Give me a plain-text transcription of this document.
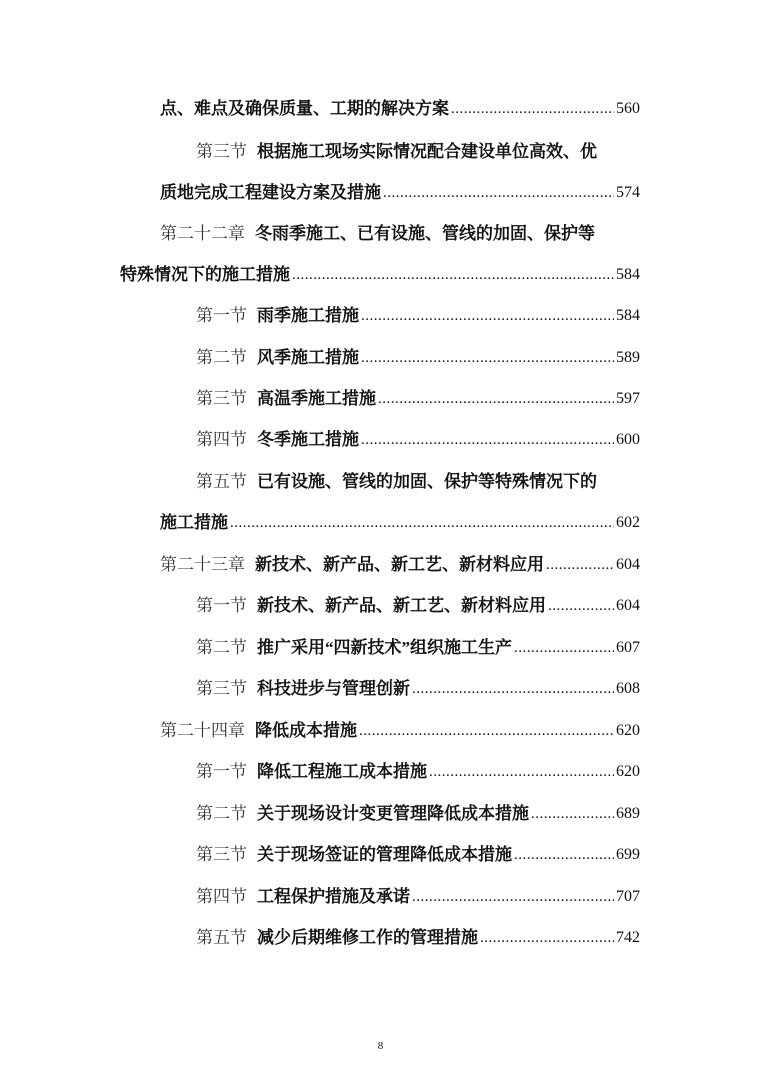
点、难点及确保质量、工期的解决方案 .....	560
第三节 根据施工现场实际情况配合建设单位高效、优
质地完成工程建设方案及措施 .....	574
第二十二章 冬雨季施工、已有设施、管线的加固、保护等
特殊情况下的施工措施 .....	584
第一节 雨季施工措施 .....	584
第二节 风季施工措施 .....	589
第三节 高温季施工措施 .....	597
第四节 冬季施工措施 .....	600
第五节 已有设施、管线的加固、保护等特殊情况下的
施工措施 .....	602
第二十三章 新技术、新产品、新工艺、新材料应用 .....	604
第一节 新技术、新产品、新工艺、新材料应用 .....	604
第二节 推广采用“四新技术”组织施工生产 .....	607
第三节 科技进步与管理创新 .....	608
第二十四章 降低成本措施 .....	620
第一节 降低工程施工成本措施 .....	620
第二节 关于现场设计变更管理降低成本措施 .....	689
第三节 关于现场签证的管理降低成本措施 .....	699
第四节 工程保护措施及承诺 .....	707
第五节 减少后期维修工作的管理措施 .....	742
8
